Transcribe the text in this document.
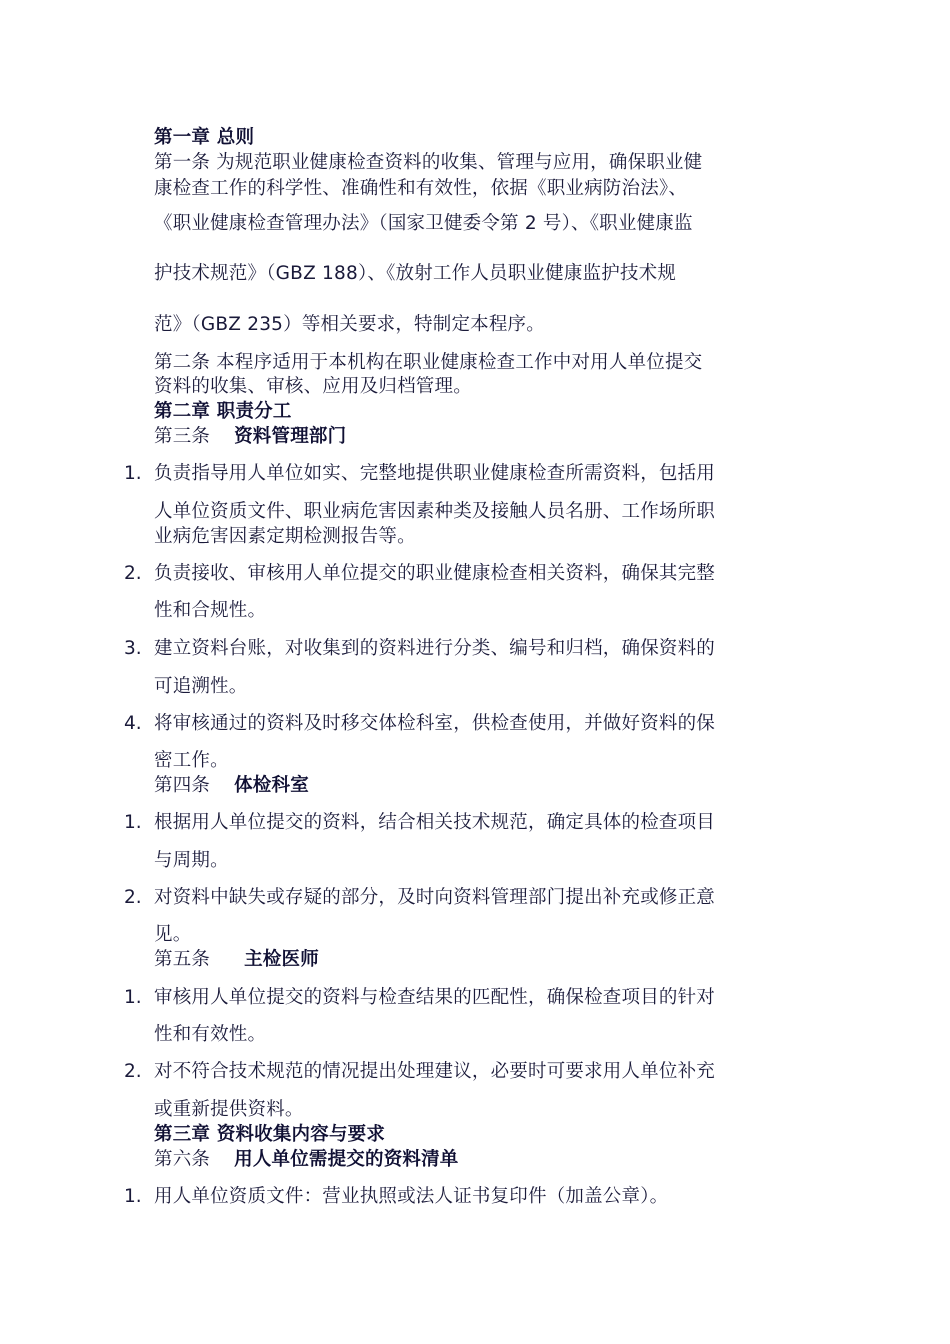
第一章 总则
第一条 为规范职业健康检查资料的收集、管理与应用，确保职业健
康检查工作的科学性、准确性和有效性，依据《职业病防治法》、
《职业健康检查管理办法》（国家卫健委令第 2 号）、《职业健康监
护技术规范》（GBZ 188）、《放射工作人员职业健康监护技术规
范》（GBZ 235）等相关要求，特制定本程序。
第二条 本程序适用于本机构在职业健康检查工作中对用人单位提交
资料的收集、审核、应用及归档管理。
第二章 职责分工
第三条 资料管理部门
1. 负责指导用人单位如实、完整地提供职业健康检查所需资料，包括用
人单位资质文件、职业病危害因素种类及接触人员名册、工作场所职
业病危害因素定期检测报告等。
2. 负责接收、审核用人单位提交的职业健康检查相关资料，确保其完整
性和合规性。
3. 建立资料台账，对收集到的资料进行分类、编号和归档，确保资料的
可追溯性。
4. 将审核通过的资料及时移交体检科室，供检查使用，并做好资料的保
密工作。
第四条 体检科室
1. 根据用人单位提交的资料，结合相关技术规范，确定具体的检查项目
与周期。
2. 对资料中缺失或存疑的部分，及时向资料管理部门提出补充或修正意
见。
第五条 主检医师
1. 审核用人单位提交的资料与检查结果的匹配性，确保检查项目的针对
性和有效性。
2. 对不符合技术规范的情况提出处理建议，必要时可要求用人单位补充
或重新提供资料。
第三章 资料收集内容与要求
第六条 用人单位需提交的资料清单
1. 用人单位资质文件：营业执照或法人证书复印件（加盖公章）。
